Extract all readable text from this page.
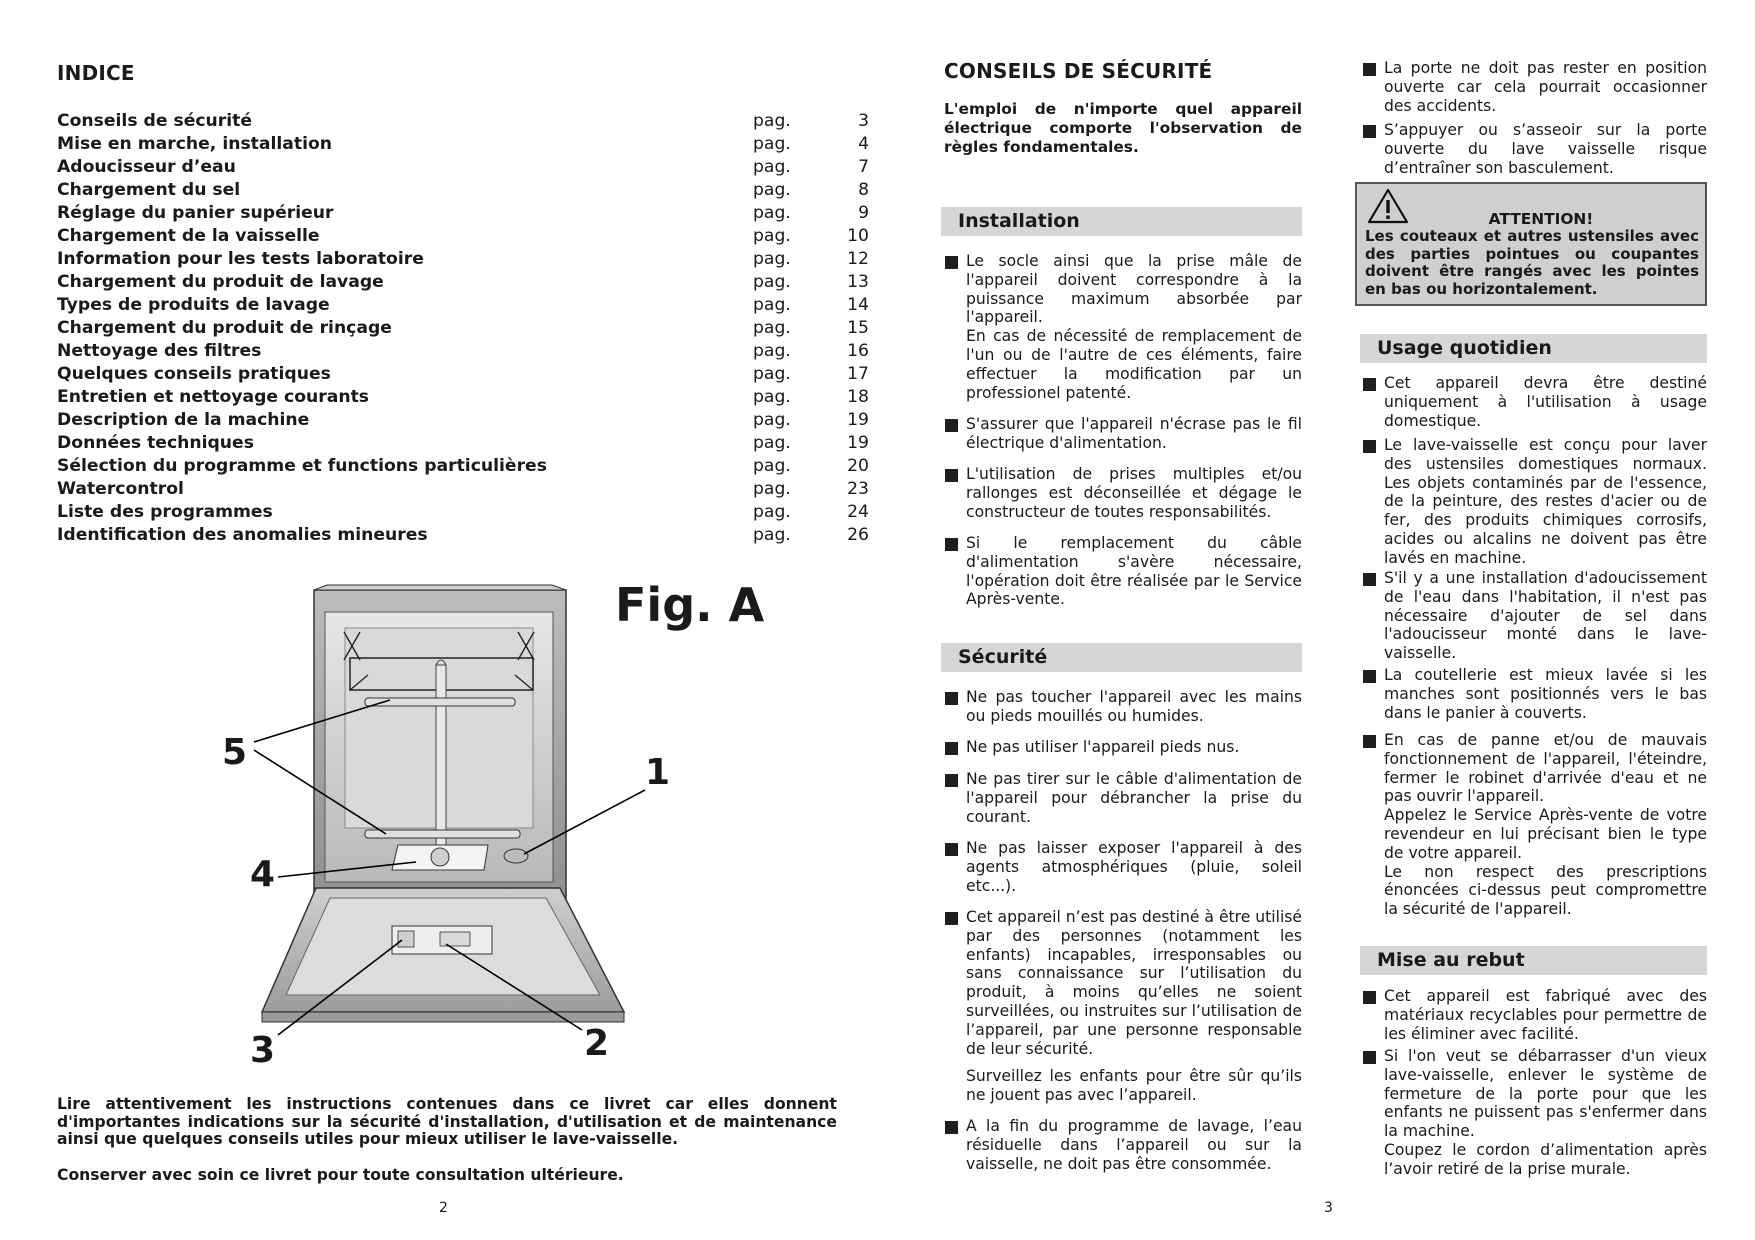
INDICE
Conseils de sécurité	pag.	3
Mise en marche, installation	pag.	4
Adoucisseur d’eau	pag.	7
Chargement du sel	pag.	8
Réglage du panier supérieur	pag.	9
Chargement de la vaisselle	pag.	10
Information pour les tests laboratoire	pag.	12
Chargement du produit de lavage	pag.	13
Types de produits de lavage	pag.	14
Chargement du produit de rinçage	pag.	15
Nettoyage des filtres	pag.	16
Quelques conseils pratiques	pag.	17
Entretien et nettoyage courants	pag.	18
Description de la machine	pag.	19
Données techniques	pag.	19
Sélection du programme et functions particulières	pag.	20
Watercontrol	pag.	23
Liste des programmes	pag.	24
Identification des anomalies mineures	pag.	26
Fig. A
5	1
4
3	2
Lire attentivement les instructions contenues dans ce livret car elles donnent d'importantes indications sur la sécurité d'installation, d'utilisation et de maintenance ainsi que quelques conseils utiles pour mieux utiliser le lave-vaisselle.
Conserver avec soin ce livret pour toute consultation ultérieure.
2
CONSEILS DE SÉCURITÉ
L'emploi de n'importe quel appareil électrique comporte l'observation de règles fondamentales.
Installation

Le socle ainsi que la prise mâle de l'appareil doivent correspondre à la puissance maximum absorbée par l'appareil.

En cas de nécessité de remplacement de l'un ou de l'autre de ces éléments, faire effectuer la modification par un professionel patenté.

S'assurer que l'appareil n'écrase pas le fil électrique d'alimentation.

L'utilisation de prises multiples et/ou rallonges est déconseillée et dégage le constructeur de toutes responsabilités.

Si le remplacement du câble d'alimentation s'avère nécessaire, l'opération doit être réalisée par le Service Après-vente.

Sécurité

Ne pas toucher l'appareil avec les mains ou pieds mouillés ou humides.

Ne pas utiliser l'appareil pieds nus.

Ne pas tirer sur le câble d'alimentation de l'appareil pour débrancher la prise du courant.

Ne pas laisser exposer l'appareil à des agents atmosphériques (pluie, soleil etc...).

Cet appareil n’est pas destiné à être utilisé par des personnes (notamment les enfants) incapables, irresponsables ou sans connaissance sur l’utilisation du produit, à moins qu’elles ne soient surveillées, ou instruites sur l’utilisation de l’appareil, par une personne responsable de leur sécurité.

Surveillez les enfants pour être sûr qu’ils ne jouent pas avec l’appareil.

A la fin du programme de lavage, l’eau résiduelle dans l’appareil ou sur la vaisselle, ne doit pas être consommée.

3

La porte ne doit pas rester en position ouverte car cela pourrait occasionner des accidents.

S’appuyer ou s’asseoir sur la porte ouverte du lave vaisselle risque d’entraîner son basculement.

ATTENTION!
Les couteaux et autres ustensiles avec des parties pointues ou coupantes doivent être rangés avec les pointes en bas ou horizontalement.
Usage quotidien

Cet appareil devra être destiné uniquement à l'utilisation à usage domestique.

Le lave-vaisselle est conçu pour laver des ustensiles domestiques normaux. Les objets contaminés par de l'essence, de la peinture, des restes d'acier ou de fer, des produits chimiques corrosifs, acides ou alcalins ne doivent pas être lavés en machine.

S'il y a une installation d'adoucissement de l'eau dans l'habitation, il n'est pas nécessaire d'ajouter de sel dans l'adoucisseur monté dans le lave-vaisselle.

La coutellerie est mieux lavée si les manches sont positionnés vers le bas dans le panier à couverts.

En cas de panne et/ou de mauvais fonctionnement de l'appareil, l'éteindre, fermer le robinet d'arrivée d'eau et ne pas ouvrir l'appareil.

Appelez le Service Après-vente de votre revendeur en lui précisant bien le type de votre appareil.

Le non respect des prescriptions énoncées ci-dessus peut compromettre la sécurité de l'appareil.

Mise au rebut

Cet appareil est fabriqué avec des matériaux recyclables pour permettre de les éliminer avec facilité.

Si l'on veut se débarrasser d'un vieux lave-vaisselle, enlever le système de fermeture de la porte pour que les enfants ne puissent pas s'enfermer dans la machine.

Coupez le cordon d’alimentation après l’avoir retiré de la prise murale.
